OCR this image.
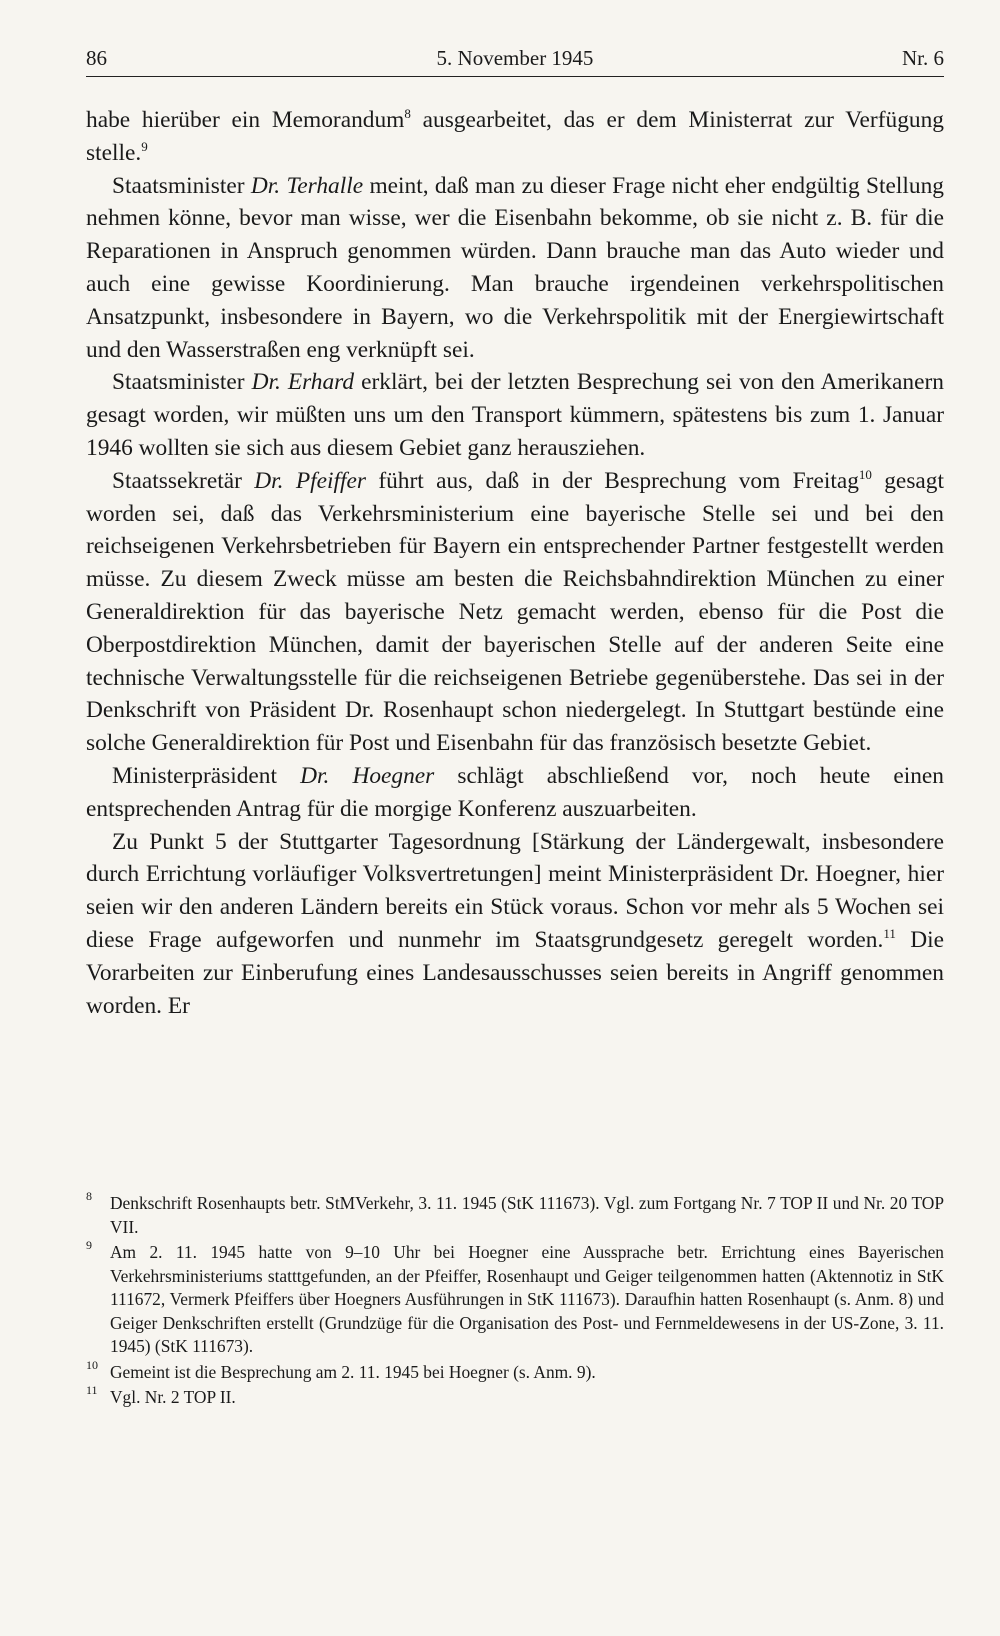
86	5. November 1945	Nr. 6

habe hierüber ein Memorandum$^8$ ausgearbeitet, das er dem Ministerrat zur Verfügung stelle.$^9$

Staatsminister Dr. Terhalle meint, daß man zu dieser Frage nicht eher endgültig Stellung nehmen könne, bevor man wisse, wer die Eisenbahn bekomme, ob sie nicht z. B. für die Reparationen in Anspruch genommen würden. Dann brauche man das Auto wieder und auch eine gewisse Koordinierung. Man brauche irgendeinen verkehrspolitischen Ansatzpunkt, insbesondere in Bayern, wo die Verkehrspolitik mit der Energiewirtschaft und den Wasserstraßen eng verknüpft sei.

Staatsminister Dr. Erhard erklärt, bei der letzten Besprechung sei von den Amerikanern gesagt worden, wir müßten uns um den Transport kümmern, spätestens bis zum 1. Januar 1946 wollten sie sich aus diesem Gebiet ganz herausziehen.

Staatssekretär Dr. Pfeiffer führt aus, daß in der Besprechung vom Freitag$^{10}$ gesagt worden sei, daß das Verkehrsministerium eine bayerische Stelle sei und bei den reichseigenen Verkehrsbetrieben für Bayern ein entsprechender Partner festgestellt werden müsse. Zu diesem Zweck müsse am besten die Reichsbahndirektion München zu einer Generaldirektion für das bayerische Netz gemacht werden, ebenso für die Post die Oberpostdirektion München, damit der bayerischen Stelle auf der anderen Seite eine technische Verwaltungsstelle für die reichseigenen Betriebe gegenüberstehe. Das sei in der Denkschrift von Präsident Dr. Rosenhaupt schon niedergelegt. In Stuttgart bestünde eine solche Generaldirektion für Post und Eisenbahn für das französisch besetzte Gebiet.

Ministerpräsident Dr. Hoegner schlägt abschließend vor, noch heute einen entsprechenden Antrag für die morgige Konferenz auszuarbeiten.

Zu Punkt 5 der Stuttgarter Tagesordnung [Stärkung der Ländergewalt, insbesondere durch Errichtung vorläufiger Volksvertretungen] meint Ministerpräsident Dr. Hoegner, hier seien wir den anderen Ländern bereits ein Stück voraus. Schon vor mehr als 5 Wochen sei diese Frage aufgeworfen und nunmehr im Staatsgrundgesetz geregelt worden.$^{11}$ Die Vorarbeiten zur Einberufung eines Landesausschusses seien bereits in Angriff genommen worden. Er

8 Denkschrift Rosenhaupts betr. StMVerkehr, 3. 11. 1945 (StK 111673). Vgl. zum Fortgang Nr. 7 TOP II und Nr. 20 TOP VII.
9 Am 2. 11. 1945 hatte von 9–10 Uhr bei Hoegner eine Aussprache betr. Errichtung eines Bayerischen Verkehrsministeriums statttgefunden, an der Pfeiffer, Rosenhaupt und Geiger teilgenommen hatten (Aktennotiz in StK 111672, Vermerk Pfeiffers über Hoegners Ausführungen in StK 111673). Daraufhin hatten Rosenhaupt (s. Anm. 8) und Geiger Denkschriften erstellt (Grundzüge für die Organisation des Post- und Fernmeldewesens in der US-Zone, 3. 11. 1945) (StK 111673).
10 Gemeint ist die Besprechung am 2. 11. 1945 bei Hoegner (s. Anm. 9).
11 Vgl. Nr. 2 TOP II.
